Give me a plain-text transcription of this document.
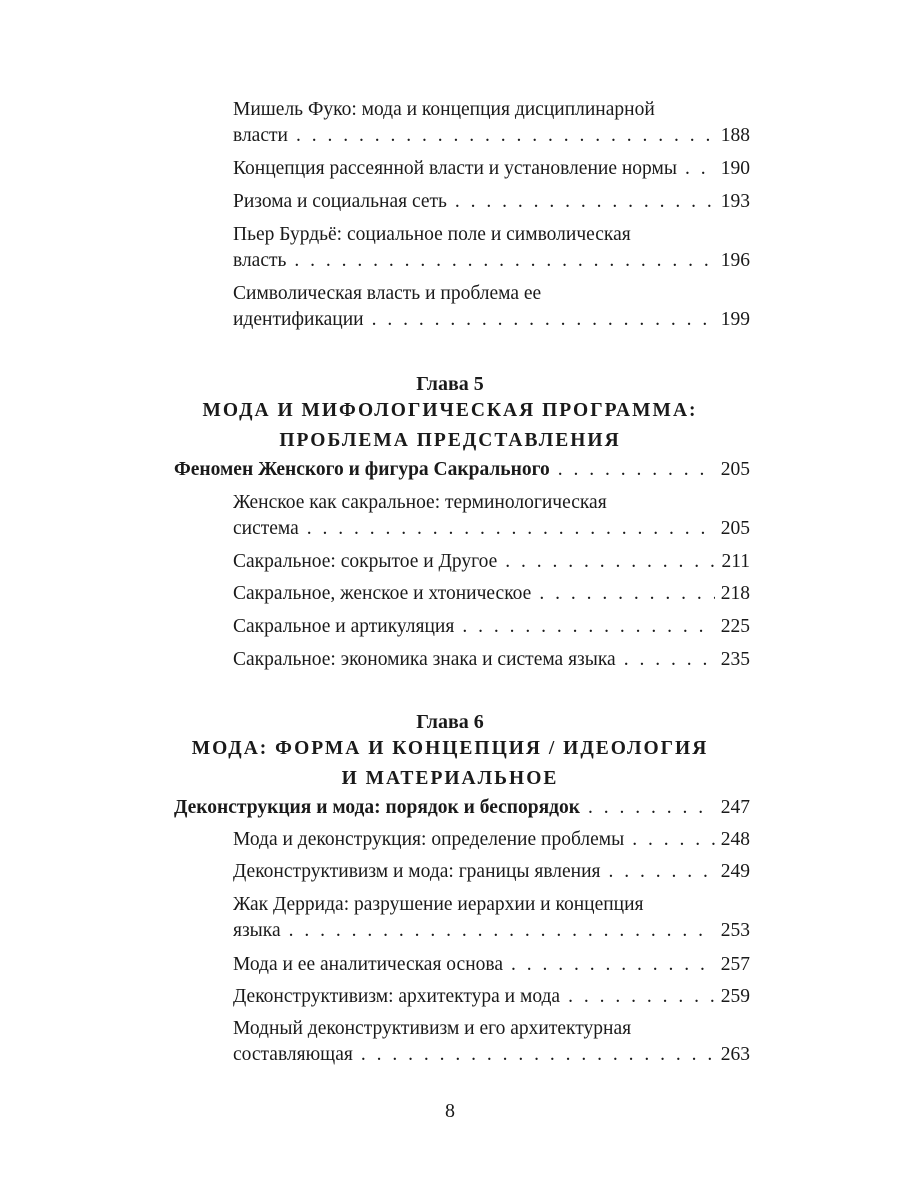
Мишель Фуко: мода и концепция дисциплинарной
власти . . .	188
Концепция рассеянной власти и установление нормы . . . 190
Ризома и социальная сеть . . .	193
Пьер Бурдьё: социальное поле и символическая
власть . . .	196
Символическая власть и проблема ее
идентификации . . .	199
Глава 5
МОДА И МИФОЛОГИЧЕСКАЯ ПРОГРАММА:
ПРОБЛЕМА ПРЕДСТАВЛЕНИЯ
Феномен Женского и фигура Сакрального . . .	205
Женское как сакральное: терминологическая
система . . .	205
Сакральное: сокрытое и Другое . . .	211
Сакральное, женское и хтоническое . . .	218
Сакральное и артикуляция . . .	225
Сакральное: экономика знака и система языка . . .	235
Глава 6
МОДА: ФОРМА И КОНЦЕПЦИЯ / ИДЕОЛОГИЯ
И МАТЕРИАЛЬНОЕ
Деконструкция и мода: порядок и беспорядок . . .	247
Мода и деконструкция: определение проблемы . . .	248
Деконструктивизм и мода: границы явления . . .	249
Жак Деррида: разрушение иерархии и концепция
языка . . .	253
Мода и ее аналитическая основа . . .	257
Деконструктивизм: архитектура и мода . . .	259
Модный деконструктивизм и его архитектурная
составляющая . . .	263
8
